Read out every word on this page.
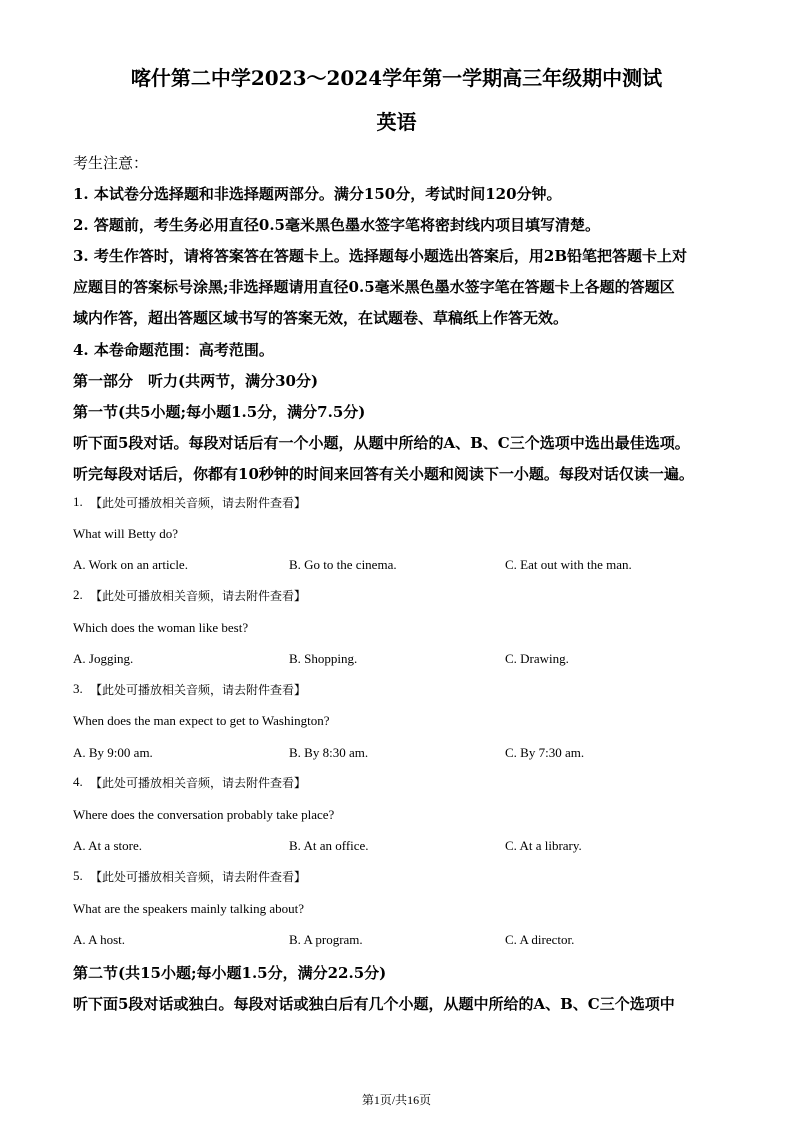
喀什第二中学2023～2024学年第一学期高三年级期中测试
英语
考生注意：
1. 本试卷分选择题和非选择题两部分。满分150分，考试时间120分钟。
2. 答题前，考生务必用直径0.5毫米黑色墨水签字笔将密封线内项目填写清楚。
3. 考生作答时，请将答案答在答题卡上。选择题每小题选出答案后，用2B铅笔把答题卡上对
应题目的答案标号涂黑;非选择题请用直径0.5毫米黑色墨水签字笔在答题卡上各题的答题区
域内作答，超出答题区域书写的答案无效，在试题卷、草稿纸上作答无效。
4. 本卷命题范围：高考范围。
第一部分　听力(共两节，满分30分)
第一节(共5小题;每小题1.5分，满分7.5分)
听下面5段对话。每段对话后有一个小题，从题中所给的A、B、C三个选项中选出最佳选项。
听完每段对话后，你都有10秒钟的时间来回答有关小题和阅读下一小题。每段对话仅读一遍。
1. 【此处可播放相关音频，请去附件查看】
What will Betty do?
A. Work on an article.	B. Go to the cinema.	C. Eat out with the man.
2. 【此处可播放相关音频，请去附件查看】
Which does the woman like best?
A. Jogging.	B. Shopping.	C. Drawing.
3. 【此处可播放相关音频，请去附件查看】
When does the man expect to get to Washington?
A. By 9:00 am.	B. By 8:30 am.	C. By 7:30 am.
4. 【此处可播放相关音频，请去附件查看】
Where does the conversation probably take place?
A. At a store.	B. At an office.	C. At a library.
5. 【此处可播放相关音频，请去附件查看】
What are the speakers mainly talking about?
A. A host.	B. A program.	C. A director.
第二节(共15小题;每小题1.5分，满分22.5分)
听下面5段对话或独白。每段对话或独白后有几个小题，从题中所给的A、B、C三个选项中
第1页/共16页
